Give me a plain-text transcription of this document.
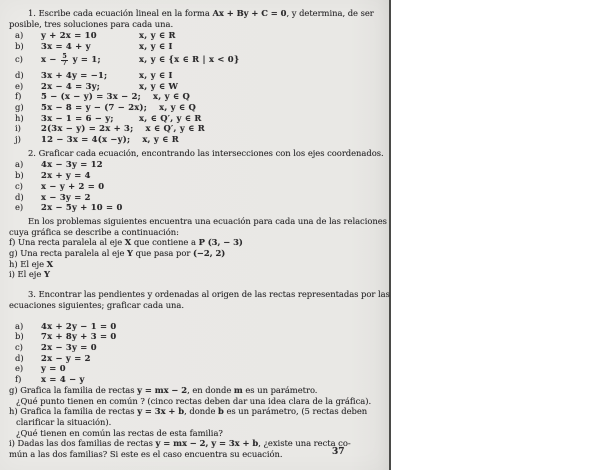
1. Escribe cada ecuación lineal en la forma Ax + By + C = 0, y determina, de ser
posible, tres soluciones para cada una.
a)	y + 2x = 10	x, y ∈ R
b)	3x = 4 + y	x, y ∈ I
c)	$x - \frac{5}{7}$ y = 1;	x, y ∈ {x ∈ R | x < 0}
d)	3x + 4y = −1;	x, y ∈ I
e)	2x − 4 = 3y;	x, y ∈ W
f)	5 − (x − y) = 3x − 2; x, y ∈ Q
g)	5x − 8 = y − (7 − 2x); x, y ∈ Q
h)	3x − 1 = 6 − y;	x, ∈ Q′, y ∈ R
i)	2(3x − y) = 2x + 3; x ∈ Q′, y ∈ R
j)	12 − 3x = 4(x −y); x, y ∈ R
2. Graficar cada ecuación, encontrando las intersecciones con los ejes coordenados.
a)	4x − 3y = 12
b)	2x + y = 4
c)	x − y + 2 = 0
d)	x − 3y = 2
e)	2x − 5y + 10 = 0
En los problemas siguientes encuentra una ecuación para cada una de las relaciones
cuya gráfica se describe a continuación:
f) Una recta paralela al eje X que contiene a P (3, − 3)
g) Una recta paralela al eje Y que pasa por (−2, 2)
h) El eje X
i) El eje Y
3. Encontrar las pendientes y ordenadas al origen de las rectas representadas por las
ecuaciones siguientes; graficar cada una.
a)	4x + 2y − 1 = 0
b)	7x + 8y + 3 = 0
c)	2x − 3y = 0
d)	2x − y = 2
e)	y = 0
f)	x = 4 − y
g) Grafica la familia de rectas y = mx − 2, en donde m es un parámetro.
¿Qué punto tienen en común ? (cinco rectas deben dar una idea clara de la gráfica).
h) Grafica la familia de rectas y = 3x + b, donde b es un parámetro, (5 rectas deben
clarificar la situación).
¿Qué tienen en común las rectas de esta familia?
i) Dadas las dos familias de rectas y = mx − 2, y = 3x + b, ¿existe una recta co-
mún a las dos familias? Si este es el caso encuentra su ecuación.	37
